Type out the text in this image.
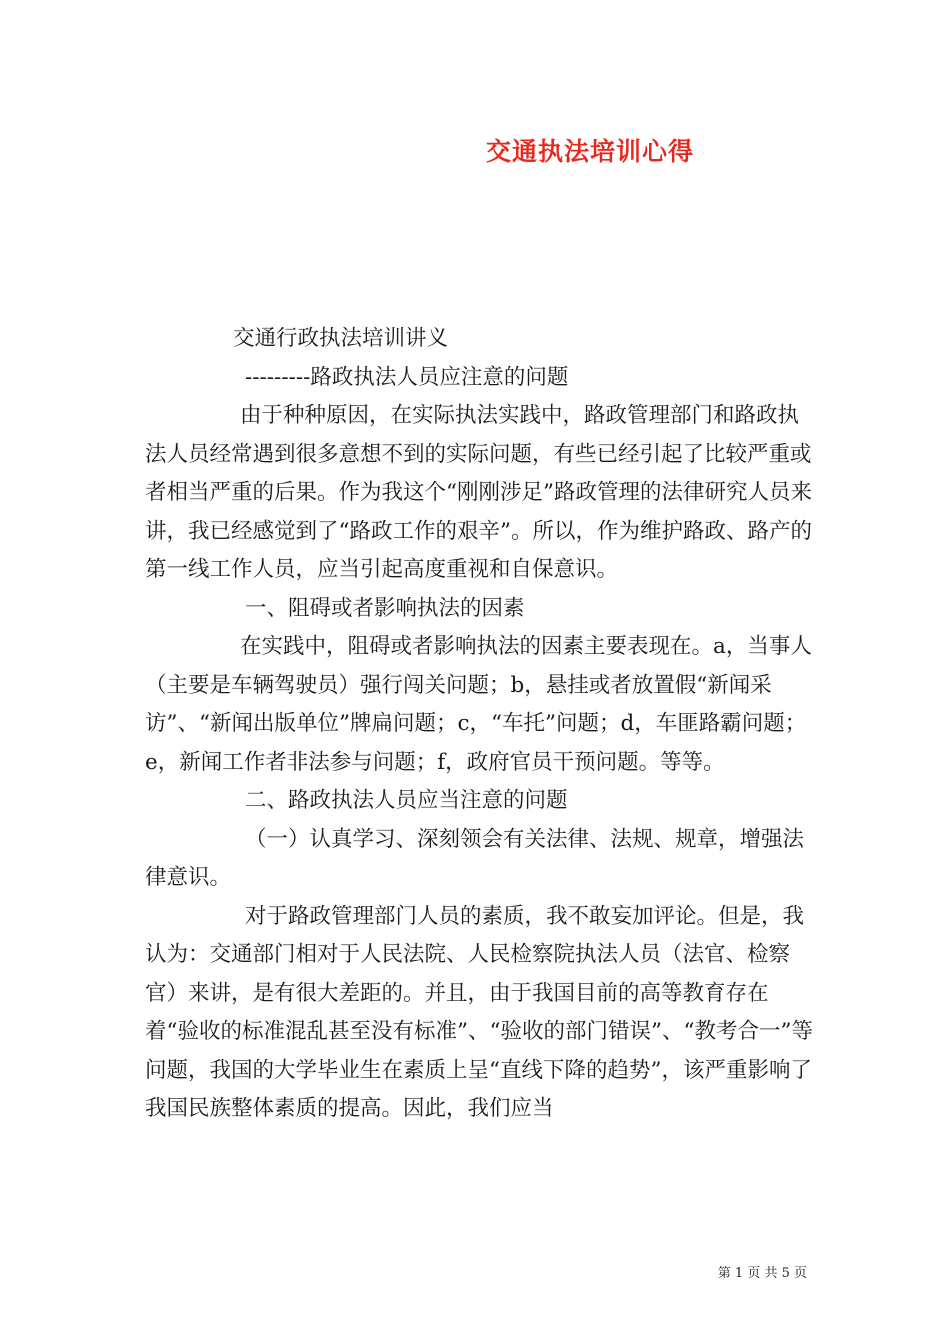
交通执法培训心得

交通行政执法培训讲义

---------路政执法人员应注意的问题

由于种种原因，在实际执法实践中，路政管理部门和路政执法人员经常遇到很多意想不到的实际问题，有些已经引起了比较严重或者相当严重的后果。作为我这个“刚刚涉足”路政管理的法律研究人员来讲，我已经感觉到了“路政工作的艰辛”。所以，作为维护路政、路产的第一线工作人员，应当引起高度重视和自保意识。

一、阻碍或者影响执法的因素

在实践中，阻碍或者影响执法的因素主要表现在。a，当事人（主要是车辆驾驶员）强行闯关问题；b，悬挂或者放置假“新闻采访”、“新闻出版单位”牌扁问题；c，“车托”问题；d，车匪路霸问题；e，新闻工作者非法参与问题；f，政府官员干预问题。等等。

二、路政执法人员应当注意的问题

（一）认真学习、深刻领会有关法律、法规、规章，增强法律意识。

对于路政管理部门人员的素质，我不敢妄加评论。但是，我认为：交通部门相对于人民法院、人民检察院执法人员（法官、检察官）来讲，是有很大差距的。并且，由于我国目前的高等教育存在着“验收的标准混乱甚至没有标准”、“验收的部门错误”、“教考合一”等问题，我国的大学毕业生在素质上呈“直线下降的趋势”，该严重影响了我国民族整体素质的提高。因此，我们应当

第 1 页 共 5 页
